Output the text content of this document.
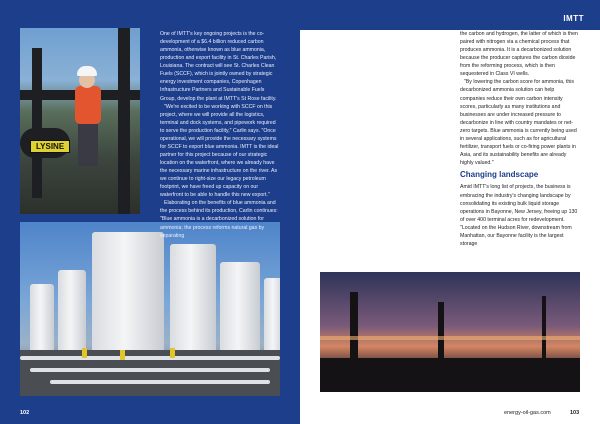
LYSINE

One of IMTT's key ongoing projects is the co-development of a $6.4 billion reduced carbon ammonia, otherwise known as blue ammonia, production and export facility in St. Charles Parish, Louisiana. The contract will see St. Charles Clean Fuels (SCCF), which is jointly owned by strategic energy investment companies, Copenhagen Infrastructure Partners and Sustainable Fuels Group, develop the plant at IMTT's St Rose facility.

"We're excited to be working with SCCF on this project, where we will provide all the logistics, terminal and dock systems, and pipework required to serve the production facility," Carlin says. "Once operational, we will provide the necessary systems for SCCF to export blue ammonia. IMTT is the ideal partner for this project because of our strategic location on the waterfront, where we already have the necessary marine infrastructure on the river. As we continue to right-size our legacy petroleum footprint, we have freed up capacity on our waterfront to be able to handle this new export."

Elaborating on the benefits of blue ammonia and the process behind its production, Carlin continues: "Blue ammonia is a decarbonized solution for ammonia; the process reforms natural gas by separating

102
IMTT

the carbon and hydrogen, the latter of which is then paired with nitrogen via a chemical process that produces ammonia. It is a decarbonized solution because the producer captures the carbon dioxide from the reforming process, which is then sequestered in Class VI wells.

"By lowering the carbon score for ammonia, this decarbonized ammonia solution can help companies reduce their own carbon intensity scores, particularly as many institutions and businesses are under increased pressure to decarbonize in line with country mandates or net-zero targets. Blue ammonia is currently being used in several applications, such as for agricultural fertilizer, transport fuels or co-firing power plants in Asia, and its sustainability benefits are already highly valued."

Changing landscape

Amid IMTT's long list of projects, the business is embracing the industry's changing landscape by consolidating its existing bulk liquid storage operations in Bayonne, New Jersey, freeing up 130 of over 400 terminal acres for redevelopment. "Located on the Hudson River, downstream from Manhattan, our Bayonne facility is the largest storage

energy-oil-gas.com	103
